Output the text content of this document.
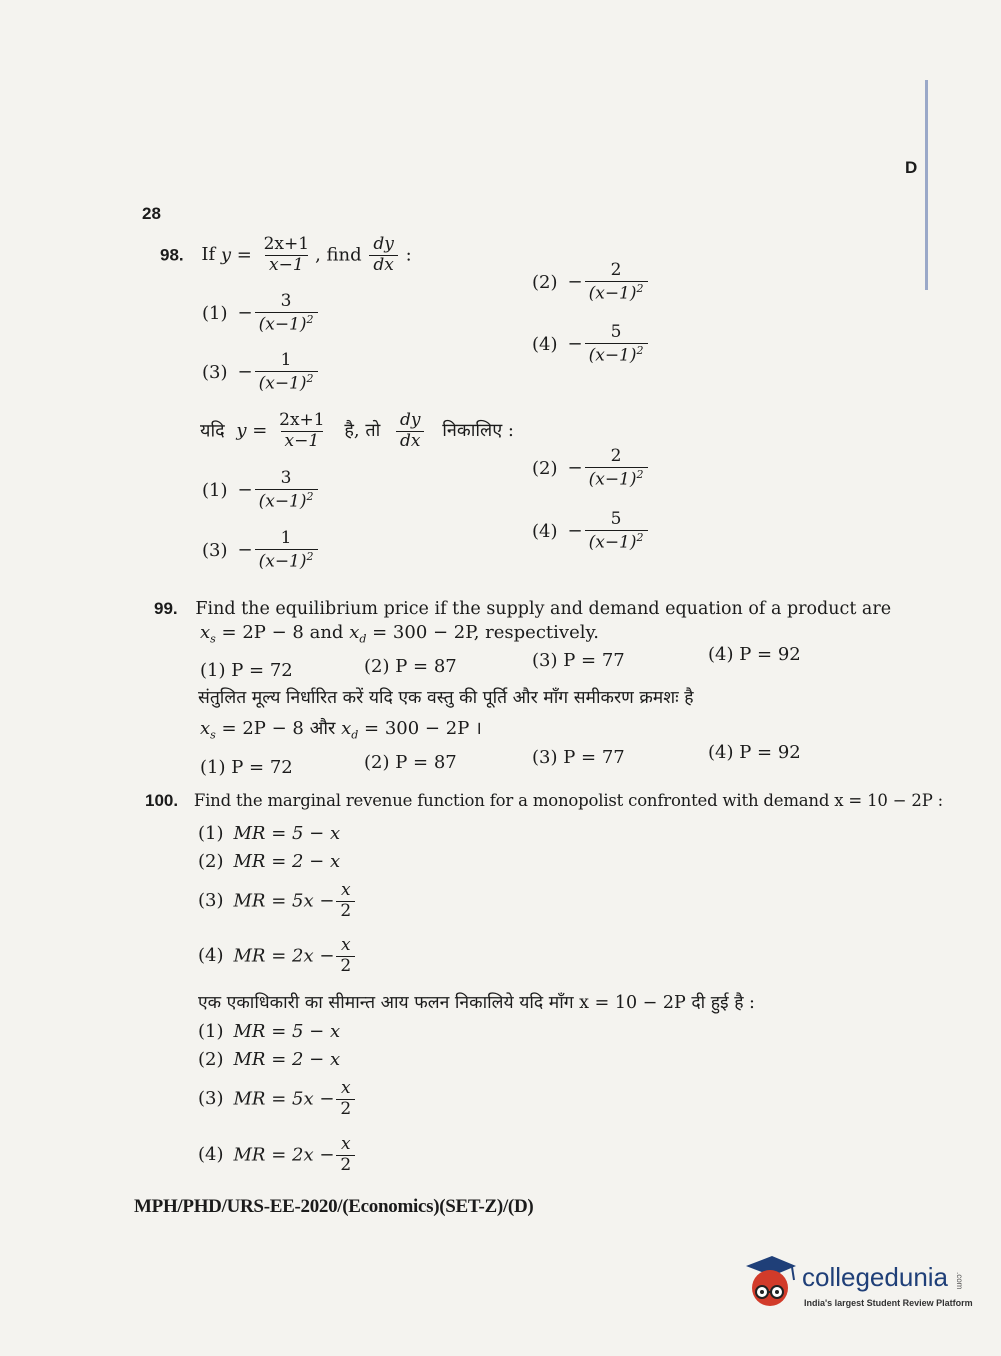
D
28
98. If $y = \frac{2x+1}{x-1}$ , find $\frac{dy}{dx}$ :
$(1) - \frac{3}{(x-1)^2}$
$(2) - \frac{2}{(x-1)^2}$
$(3) - \frac{1}{(x-1)^2}$
$(4) - \frac{5}{(x-1)^2}$
यदि $y = \frac{2x+1}{x-1}$ है, तो $\frac{dy}{dx}$ निकालिए :
$(1) - \frac{3}{(x-1)^2}$
$(2) - \frac{2}{(x-1)^2}$
$(3) - \frac{1}{(x-1)^2}$	$(4) - \frac{5}{(x-1)^2}$
99. Find the equilibrium price if the supply and demand equation of a product are
$x_s = 2P - 8$ and $x_d = 300 - 2P$, respectively.
(1) P = 72	(2) P = 87	(3) P = 77	(4) P = 92
संतुलित मूल्य निर्धारित करें यदि एक वस्तु की पूर्ति और माँग समीकरण क्रमशः है
$x_s = 2P - 8$ और $x_d = 300 - 2P$ ।
(1) P = 72	(2) P = 87	(3) P = 77	(4) P = 92
100. Find the marginal revenue function for a monopolist confronted with demand x = 10 − 2P :
(1) MR = 5 − x
(2) MR = 2 − x
(3) MR = $5x - \frac{x}{2}$
(4) MR = $2x - \frac{x}{2}$
एक एकाधिकारी का सीमान्त आय फलन निकालिये यदि माँग x = 10 − 2P दी हुई है :
(1) MR = 5 − x
(2) MR = 2 − x
(3) MR = $5x - \frac{x}{2}$
(4) MR = $2x - \frac{x}{2}$
MPH/PHD/URS-EE-2020/(Economics)(SET-Z)/(D)
collegedunia .com
India's largest Student Review Platform
